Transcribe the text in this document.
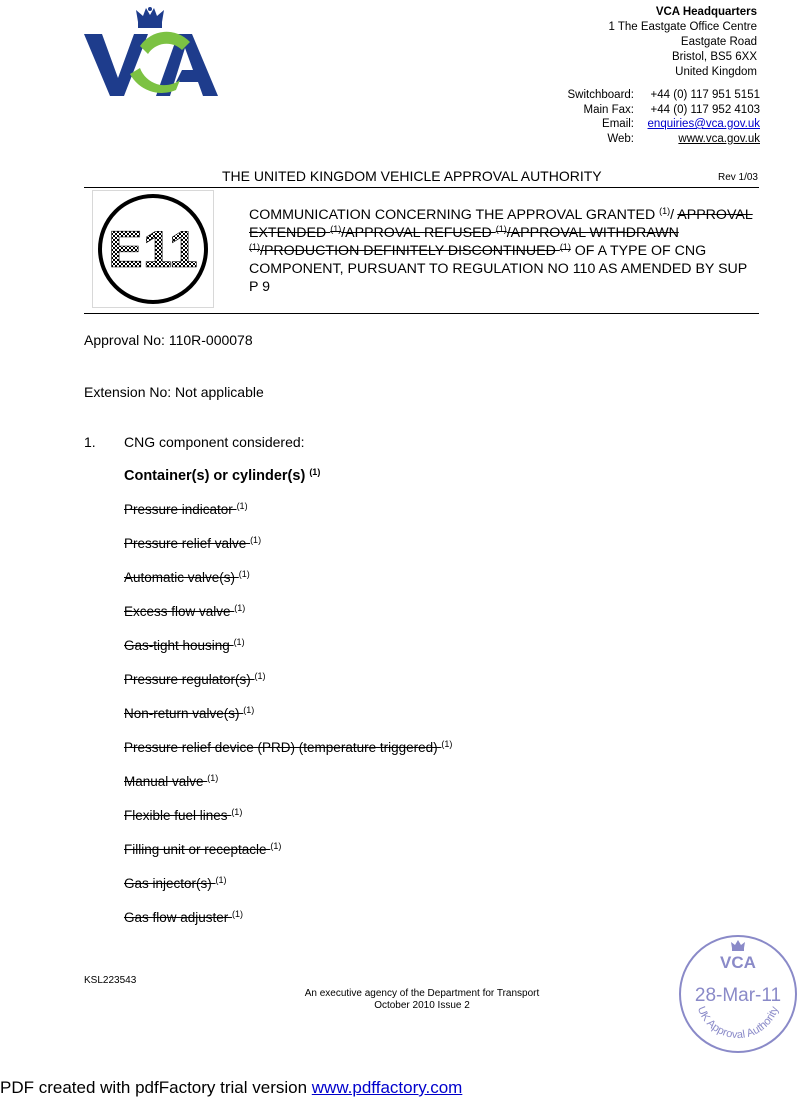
VCA Headquarters
1 The Eastgate Office Centre
Eastgate Road
Bristol, BS5 6XX
United Kingdom
Switchboard:	+44 (0) 117 951 5151
Main Fax:	+44 (0) 117 952 4103
Email:	enquiries@vca.gov.uk
Web:	www.vca.gov.uk
THE UNITED KINGDOM VEHICLE APPROVAL AUTHORITY	Rev 1/03
E11
COMMUNICATION CONCERNING THE APPROVAL GRANTED $^{(1)}$/ APPROVAL EXTENDED $^{(1)}$/APPROVAL REFUSED $^{(1)}$/APPROVAL WITHDRAWN $^{(1)}$/PRODUCTION DEFINITELY DISCONTINUED $^{(1)}$ OF A TYPE OF CNG COMPONENT, PURSUANT TO REGULATION NO 110 AS AMENDED BY SUP P 9
Approval No: 110R-000078
Extension No: Not applicable
1. CNG component considered:
Container(s) or cylinder(s) $^{(1)}$
Pressure indicator $^{(1)}$
Pressure relief valve $^{(1)}$
Automatic valve(s) $^{(1)}$
Excess flow valve $^{(1)}$
Gas-tight housing $^{(1)}$
Pressure regulator(s) $^{(1)}$
Non-return valve(s) $^{(1)}$
Pressure relief device (PRD) (temperature triggered) $^{(1)}$
Manual valve $^{(1)}$
Flexible fuel lines $^{(1)}$
Filling unit or receptacle $^{(1)}$
Gas injector(s) $^{(1)}$
Gas flow adjuster $^{(1)}$
KSL223543
An executive agency of the Department for Transport
October 2010 Issue 2
VCA
28-Mar-11
UK Approval Authority
PDF created with pdfFactory trial version www.pdffactory.com
